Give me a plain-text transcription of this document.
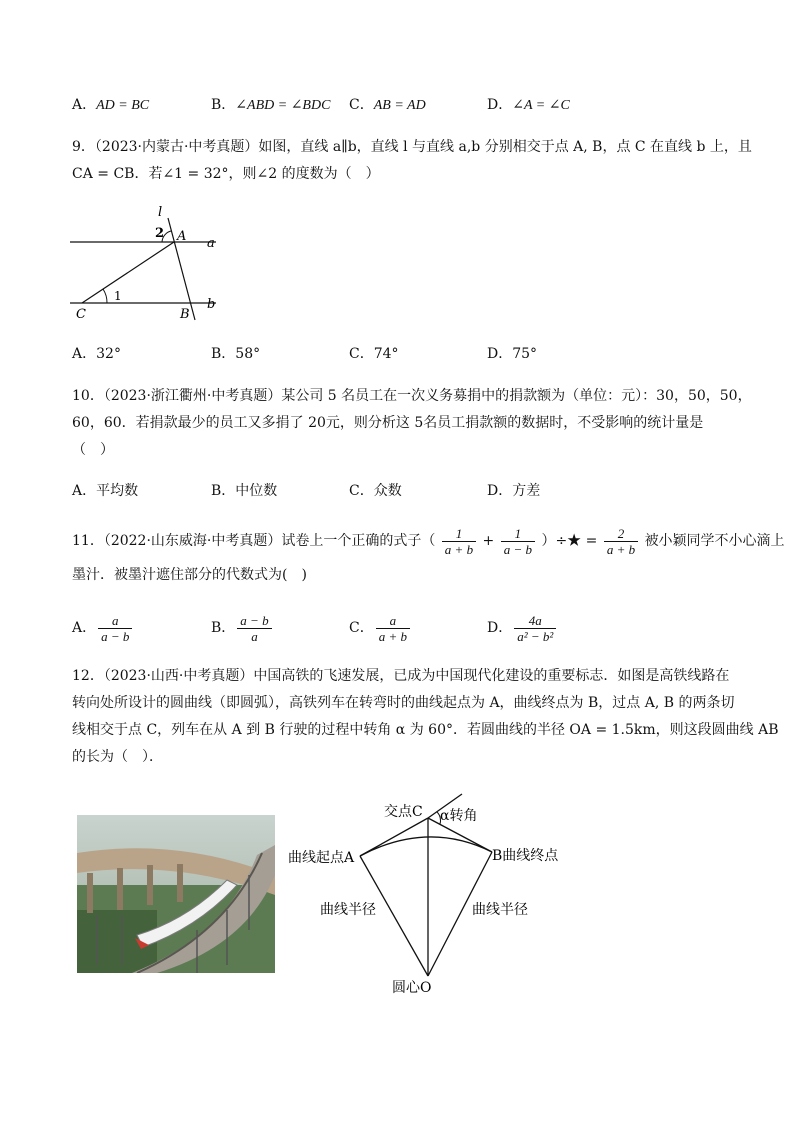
A．AD = BC	B．∠ABD = ∠BDC C．AB = AD	D．∠A = ∠C
9．（2023·内蒙古·中考真题）如图，直线 a∥b，直线 l 与直线 a,b 分别相交于点 A, B，点 C 在直线 b 上，且
CA = CB．若∠1 = 32°，则∠2 的度数为（　）
l
2 A a
1
C	B
b
A．32°	B．58°	C．74°	D．75°
10．（2023·浙江衢州·中考真题）某公司 5 名员工在一次义务募捐中的捐款额为（单位：元）：30，50，50，
60，60．若捐款最少的员工又多捐了 20元，则分析这 5名员工捐款额的数据时，不受影响的统计量是
（　）
A．平均数	B．中位数	C．众数	D．方差
11．（2022·山东威海·中考真题）试卷上一个正确的式子（ $\frac{1}{a + b} + \frac{1}{a - b}$ ）÷★ = $\frac{2}{a + b}$ 被小颖同学不小心滴上
墨汁．被墨汁遮住部分的代数式为(　)
A． $\frac{a}{a - b}$	B． $\frac{a - b}{a}$	C． $\frac{a}{a + b}$	D． $\frac{4a}{\text{a² − b²}}$
12．（2023·山西·中考真题）中国高铁的飞速发展，已成为中国现代化建设的重要标志．如图是高铁线路在
转向处所设计的圆曲线（即圆弧），高铁列车在转弯时的曲线起点为 A，曲线终点为 B，过点 A, B 的两条切
线相交于点 C，列车在从 A 到 B 行驶的过程中转角 α 为 60°．若圆曲线的半径 OA = 1.5km，则这段圆曲线 AB
的长为（　）．
交点C α转角
曲线起点A	B曲线终点
曲线半径	曲线半径
圆心O
